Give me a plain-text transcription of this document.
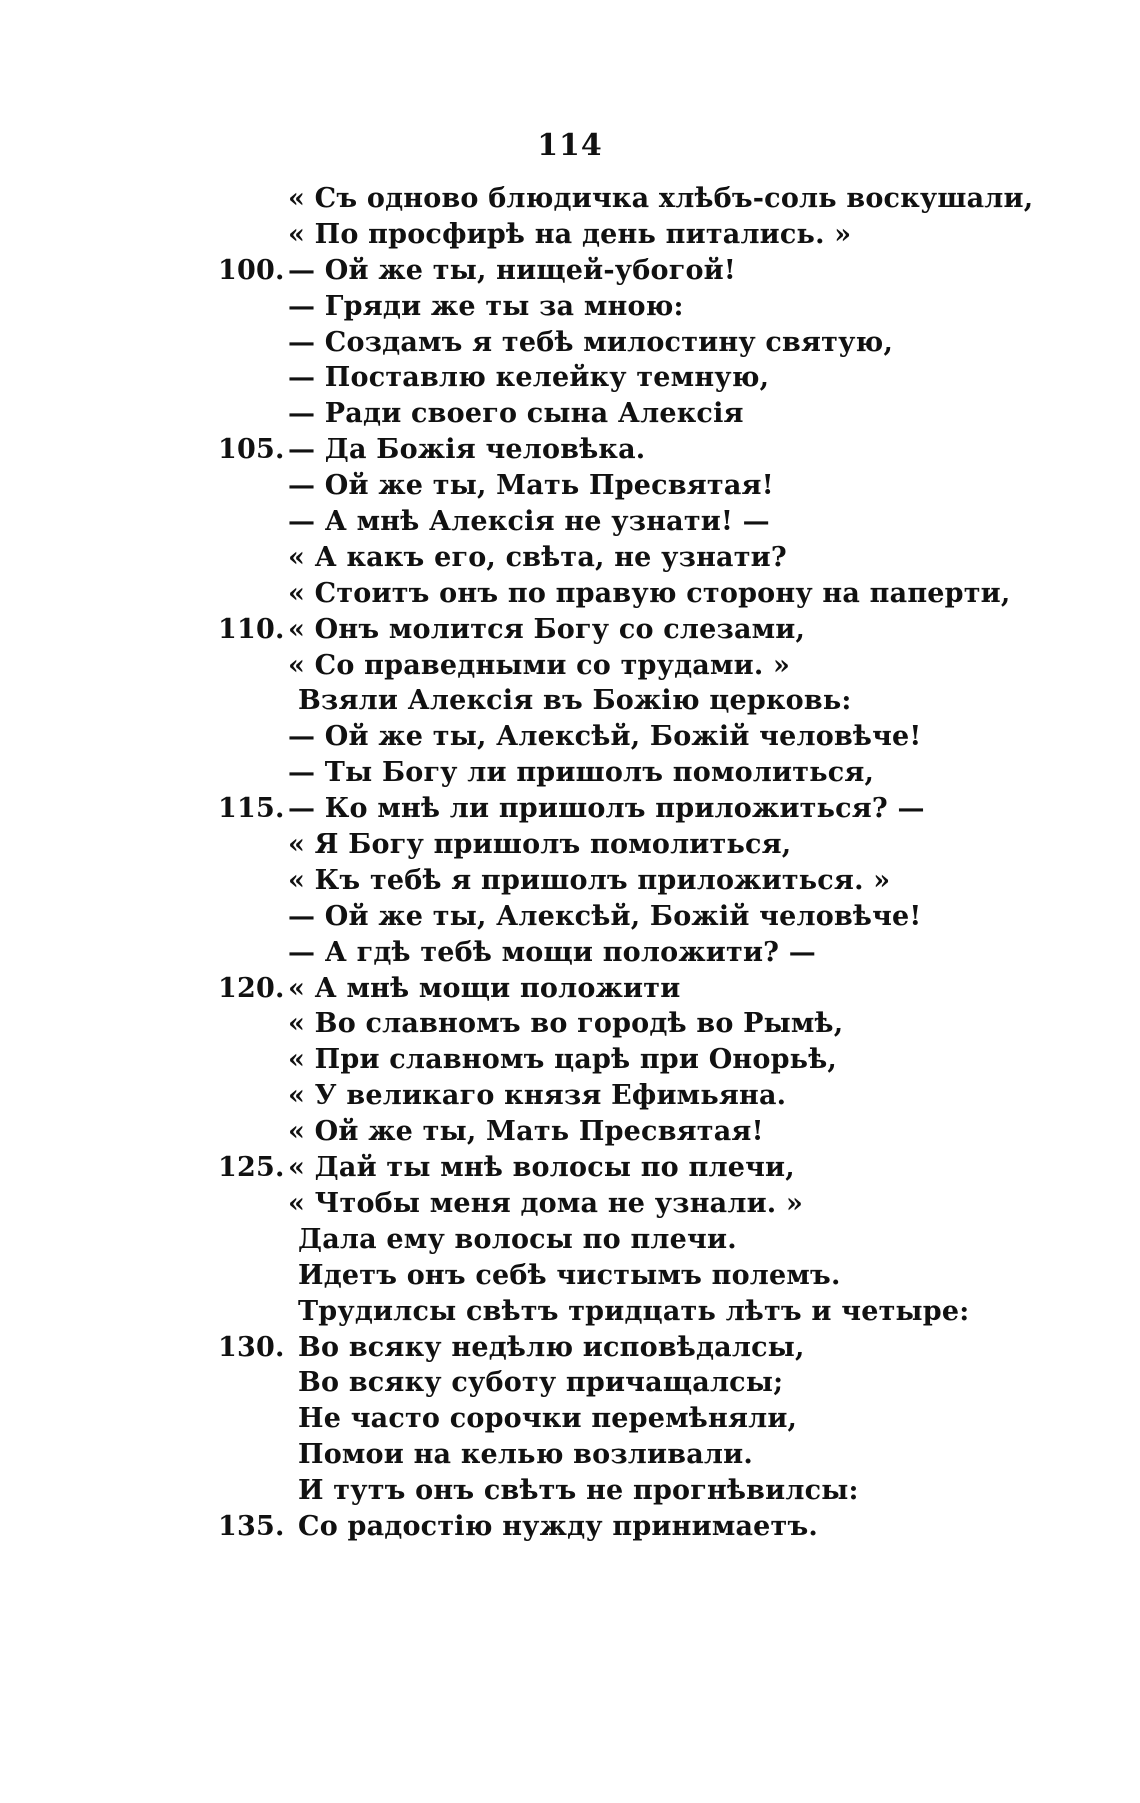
114
« Съ одново блюдичка хлѣбъ-соль воскушали,
« По просфирѣ на день питались. »
100. — Ой же ты, нищей-убогой!
— Гряди же ты за мною:
— Создамъ я тебѣ милостину святую,
— Поставлю келейку темную,
— Ради своего сына Алексія
105. — Да Божія человѣка.
— Ой же ты, Мать Пресвятая!
— А мнѣ Алексія не узнати! —
« А какъ его, свѣта, не узнати?
« Стоитъ онъ по правую сторону на паперти,
110. « Онъ молится Богу со слезами,
« Со праведными со трудами. »
Взяли Алексія въ Божію церковь:
— Ой же ты, Алексѣй, Божій человѣче!
— Ты Богу ли пришолъ помолиться,
115. — Ко мнѣ ли пришолъ приложиться? —
« Я Богу пришолъ помолиться,
« Къ тебѣ я пришолъ приложиться. »
— Ой же ты, Алексѣй, Божій человѣче!
— А гдѣ тебѣ мощи положити? —
120. « А мнѣ мощи положити
« Во славномъ во городѣ во Рымѣ,
« При славномъ царѣ при Онорьѣ,
« У великаго князя Ефимьяна.
« Ой же ты, Мать Пресвятая!
125. « Дай ты мнѣ волосы по плечи,
« Чтобы меня дома не узнали. »
Дала ему волосы по плечи.
Идетъ онъ себѣ чистымъ полемъ.
Трудилсы свѣтъ тридцать лѣтъ и четыре:
130. Во всяку недѣлю исповѣдалсы,
Во всяку суботу причащалсы;
Не часто сорочки перемѣняли,
Помои на келью возливали.
И тутъ онъ свѣтъ не прогнѣвилсы:
135. Со радостію нужду принимаетъ.
